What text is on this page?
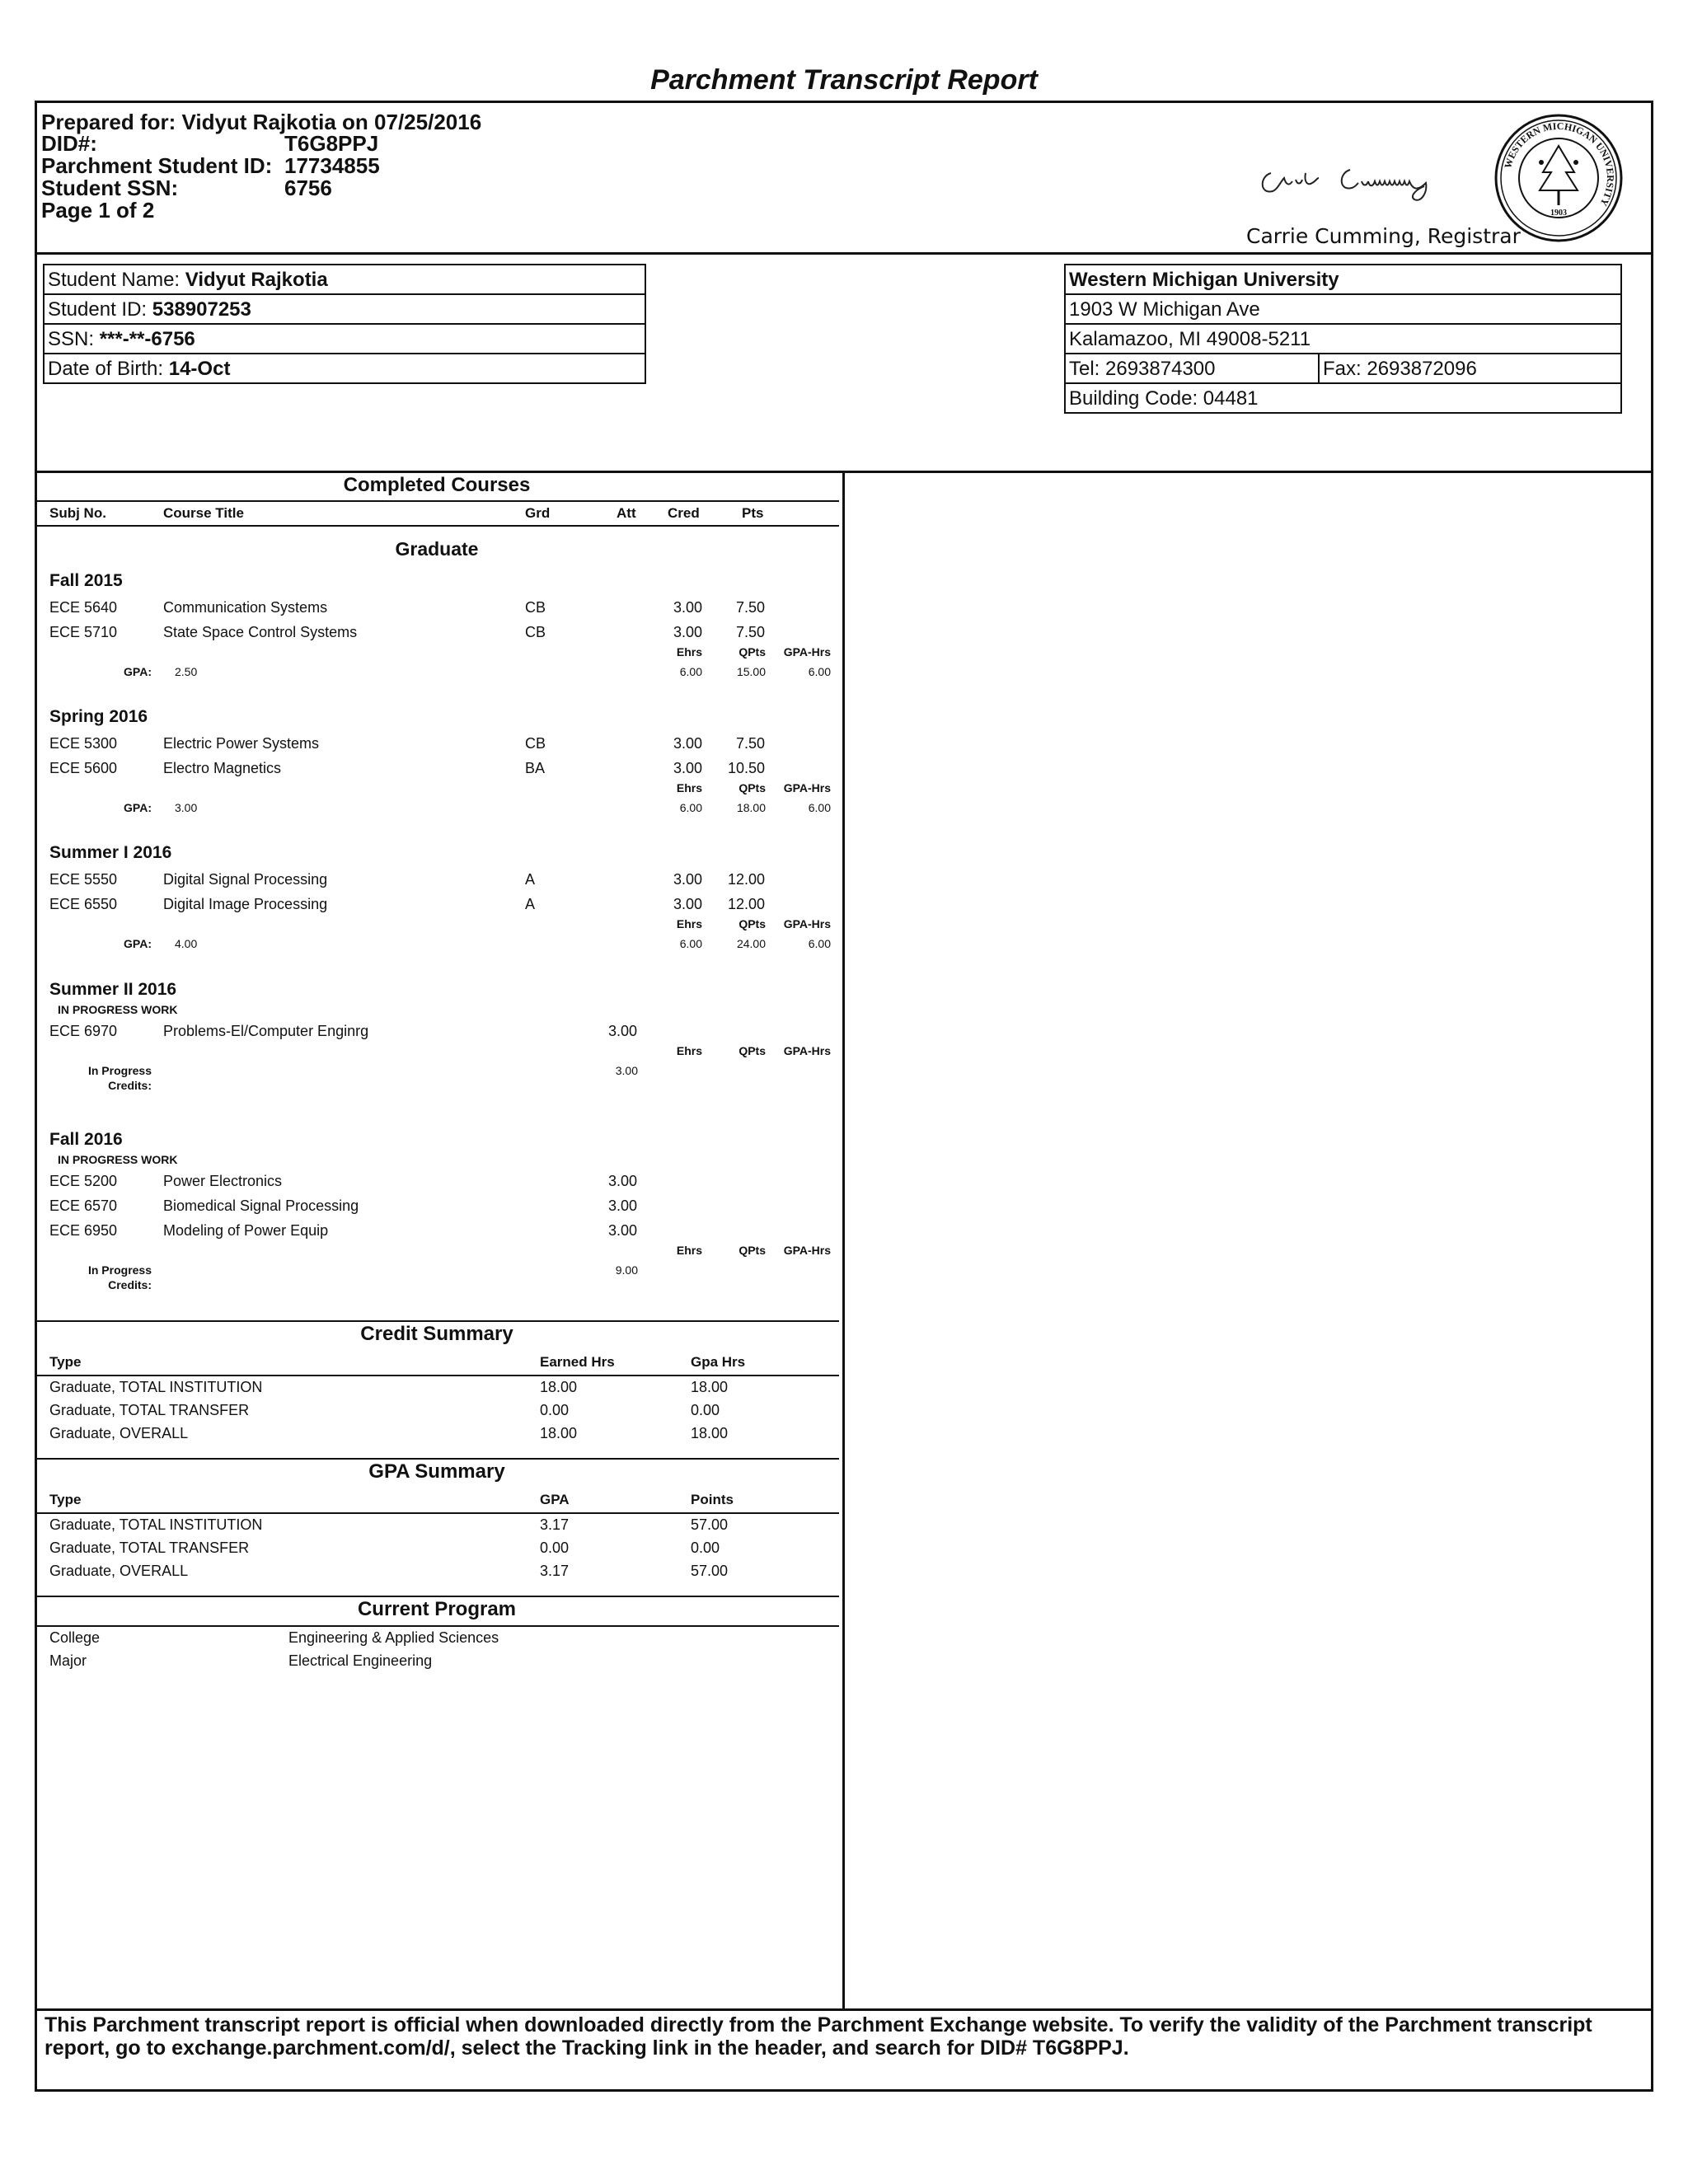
Parchment Transcript Report
Prepared for: Vidyut Rajkotia on 07/25/2016
DID#:	T6G8PPJ
Parchment Student ID: 17734855
Student SSN:	6756
Page 1 of 2
Carrie Cumming, Registrar
WESTERN MICHIGAN UNIVERSITY
1903
Student Name: Vidyut Rajkotia
Student ID: 538907253
SSN: ***-**-6756
Date of Birth: 14-Oct
Western Michigan University
1903 W Michigan Ave
Kalamazoo, MI 49008-5211
Tel: 2693874300	Fax: 2693872096
Building Code: 04481
Completed Courses
Subj No.	Course Title	Grd	Att Cred	Pts
Graduate
Fall 2015
ECE 5640	Communication Systems	CB	3.00	7.50
ECE 5710	State Space Control Systems	CB	3.00	7.50
Ehrs	QPts	GPA-Hrs
GPA: 2.50	6.00	15.00	6.00
Spring 2016
ECE 5300	Electric Power Systems	CB	3.00	7.50
ECE 5600	Electro Magnetics	BA	3.00	10.50
Ehrs	QPts	GPA-Hrs
GPA: 3.00	6.00	18.00	6.00
Summer I 2016
ECE 5550	Digital Signal Processing	A	3.00	12.00
ECE 6550	Digital Image Processing	A	3.00	12.00
Ehrs	QPts	GPA-Hrs
GPA: 4.00	6.00	24.00	6.00
Summer II 2016
IN PROGRESS WORK
ECE 6970	Problems-El/Computer Enginrg	3.00
Ehrs	QPts	GPA-Hrs
In Progress
Credits:
3.00
Fall 2016
IN PROGRESS WORK
ECE 5200	Power Electronics	3.00
ECE 6570	Biomedical Signal Processing	3.00
ECE 6950	Modeling of Power Equip	3.00
Ehrs	QPts	GPA-Hrs
In Progress
Credits:
9.00
Credit Summary
Type	Earned Hrs	Gpa Hrs
Graduate, TOTAL INSTITUTION	18.00	18.00
Graduate, TOTAL TRANSFER	0.00	0.00
Graduate, OVERALL	18.00	18.00
GPA Summary
Type	GPA	Points
Graduate, TOTAL INSTITUTION	3.17	57.00
Graduate, TOTAL TRANSFER	0.00	0.00
Graduate, OVERALL	3.17	57.00
Current Program
College	Engineering & Applied Sciences
Major	Electrical Engineering
This Parchment transcript report is official when downloaded directly from the Parchment Exchange website. To verify the validity of the Parchment transcript report, go to exchange.parchment.com/d/, select the Tracking link in the header, and search for DID# T6G8PPJ.
